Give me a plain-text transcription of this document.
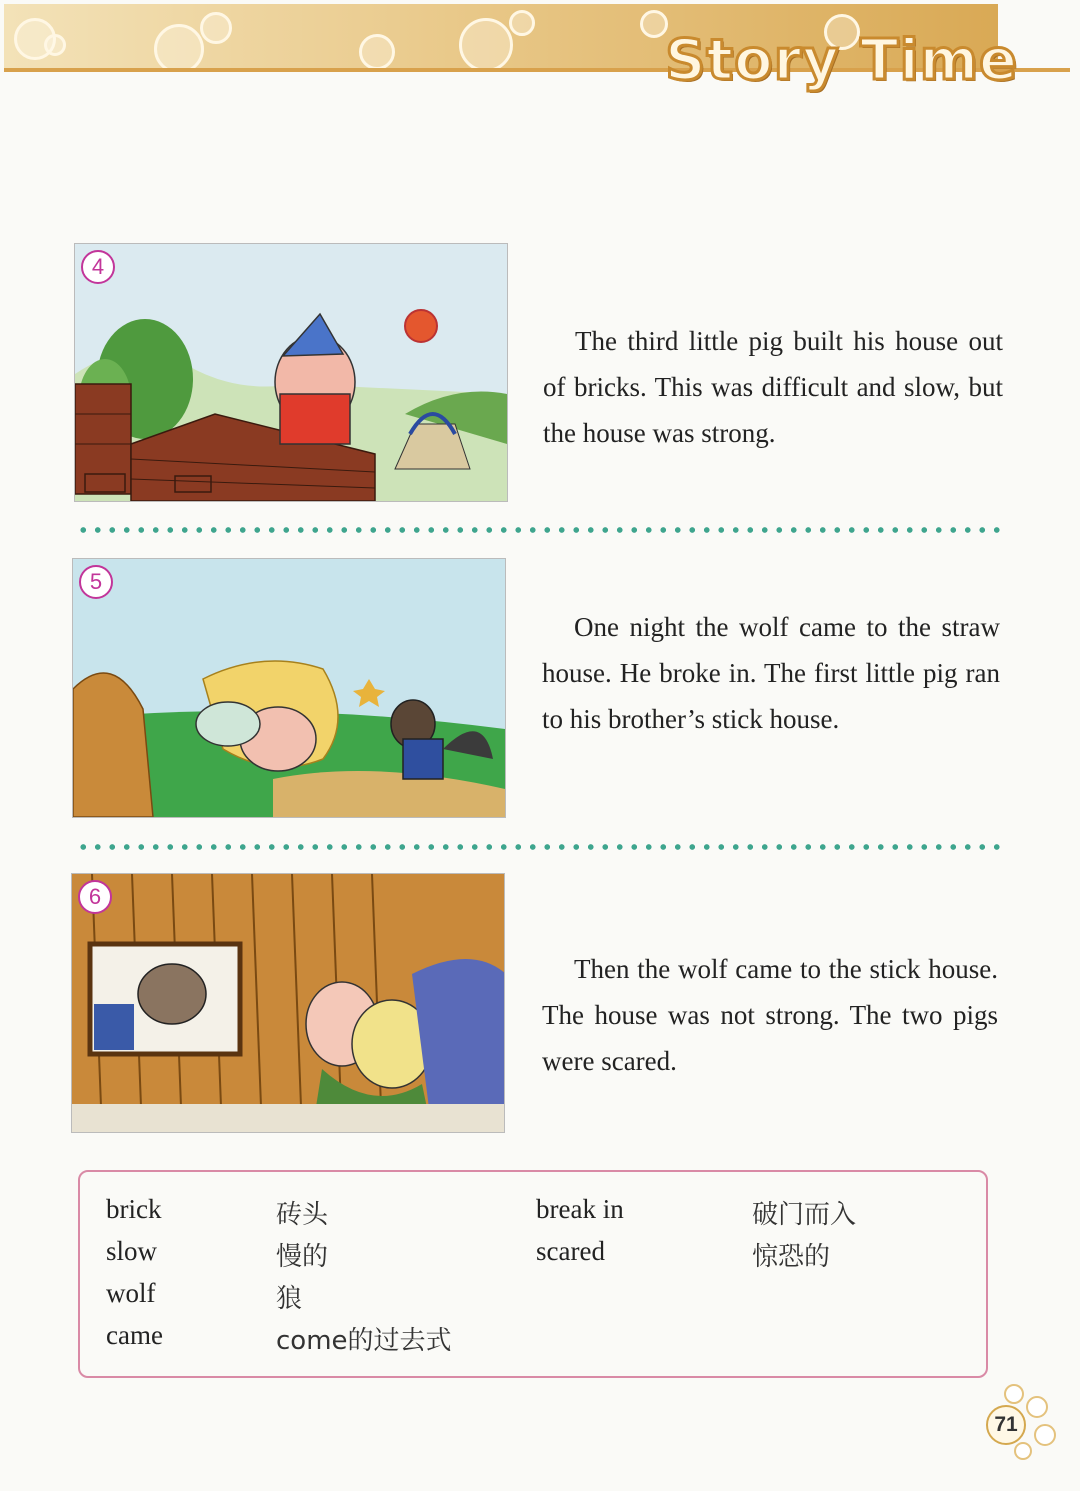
Story Time
4
The third little pig built his house out of bricks. This was difficult and slow, but the house was strong.
5
One night the wolf came to the straw house. He broke in. The first little pig ran to his brother’s stick house.
6
Then the wolf came to the stick house. The house was not strong. The two pigs were scared.
brick	砖头
slow	慢的
wolf	狼
came	come的过去式
break in	破门而入
scared	惊恐的
71
